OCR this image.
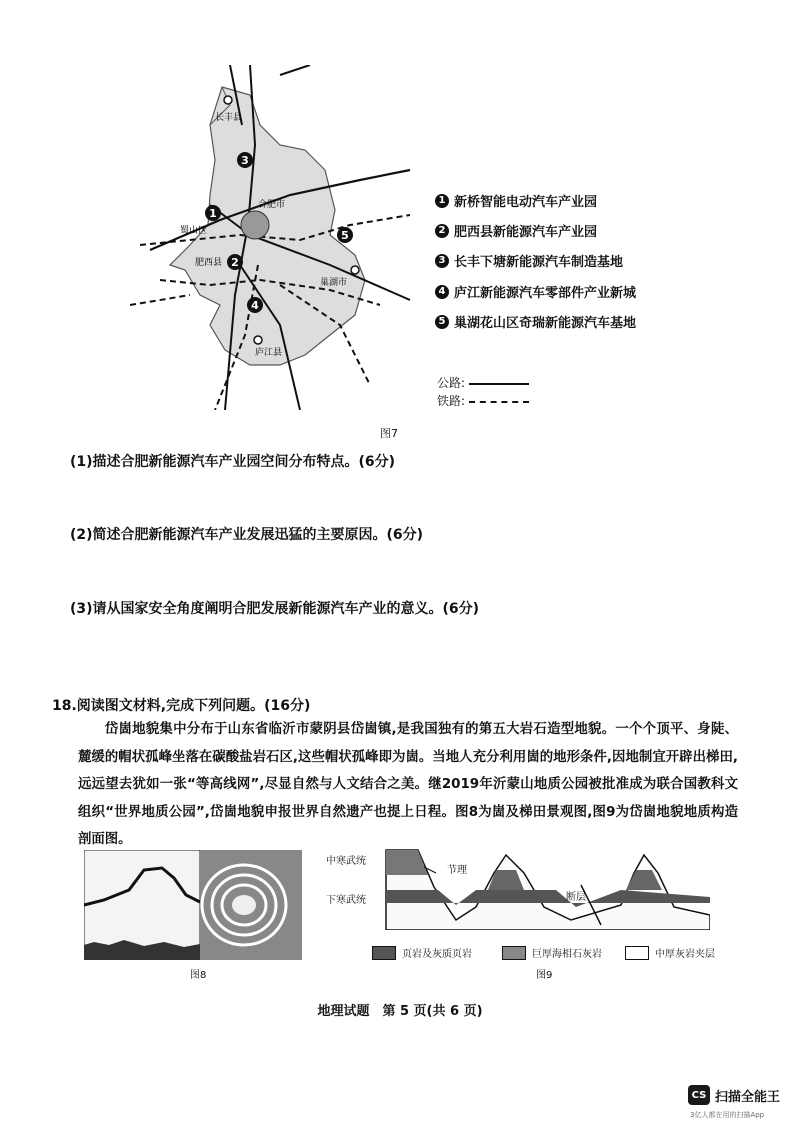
3
1
2
4
5
长丰县
合肥市
蜀山区
肥西县
巢湖市
庐江县
1 新桥智能电动汽车产业园
2 肥西县新能源汽车产业园
3 长丰下塘新能源汽车制造基地
4 庐江新能源汽车零部件产业新城
5 巢湖花山区奇瑞新能源汽车基地
公路:
铁路:
图7
(1)描述合肥新能源汽车产业园空间分布特点。(6分)
(2)简述合肥新能源汽车产业发展迅猛的主要原因。(6分)
(3)请从国家安全角度阐明合肥发展新能源汽车产业的意义。(6分)
18.阅读图文材料,完成下列问题。(16分)
岱崮地貌集中分布于山东省临沂市蒙阴县岱崮镇,是我国独有的第五大岩石造型地貌。一个个顶平、身陡、麓缓的帽状孤峰坐落在碳酸盐岩石区,这些帽状孤峰即为崮。当地人充分利用崮的地形条件,因地制宜开辟出梯田,远远望去犹如一张“等高线网”,尽显自然与人文结合之美。继2019年沂蒙山地质公园被批准成为联合国教科文组织“世界地质公园”,岱崮地貌申报世界自然遗产也提上日程。图8为崮及梯田景观图,图9为岱崮地貌地质构造剖面图。
图8
中寒武统
下寒武统
节理
断层
页岩及灰质页岩	巨厚海相石灰岩	中厚灰岩夹层
图9
地理试题　第 5 页(共 6 页)
CS 扫描全能王
3亿人都在用的扫描App
